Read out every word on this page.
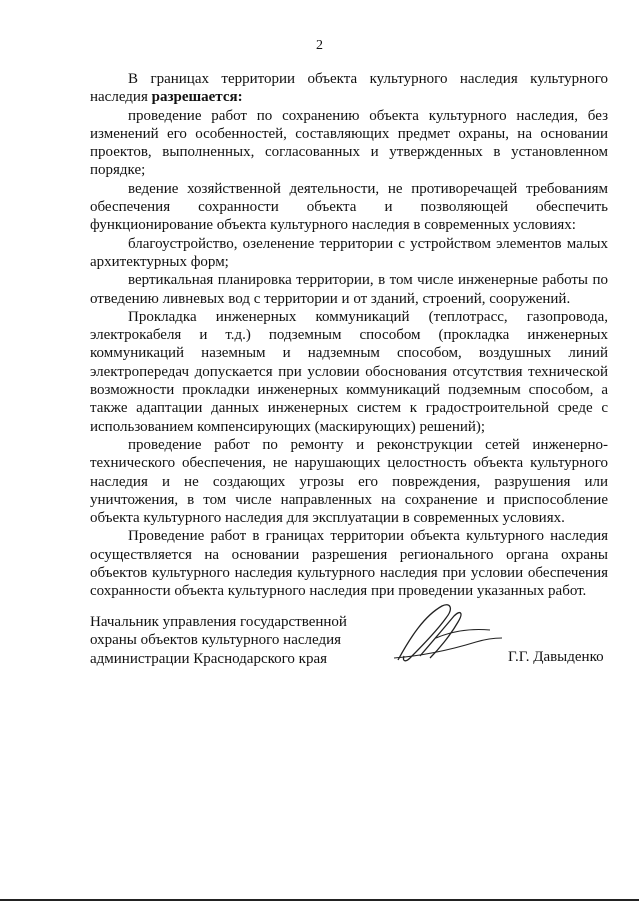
2

В границах территории объекта культурного наследия культурного наследия разрешается:

проведение работ по сохранению объекта культурного наследия, без изменений его особенностей, составляющих предмет охраны, на основании проектов, выполненных, согласованных и утвержденных в установленном порядке;

ведение хозяйственной деятельности, не противоречащей требованиям обеспечения сохранности объекта и позволяющей обеспечить функционирование объекта культурного наследия в современных условиях:

благоустройство, озеленение территории с устройством элементов малых архитектурных форм;

вертикальная планировка территории, в том числе инженерные работы по отведению ливневых вод с территории и от зданий, строений, сооружений.

Прокладка инженерных коммуникаций (теплотрасс, газопровода, электрокабеля и т.д.) подземным способом (прокладка инженерных коммуникаций наземным и надземным способом, воздушных линий электропередач допускается при условии обоснования отсутствия технической возможности прокладки инженерных коммуникаций подземным способом, а также адаптации данных инженерных систем к градостроительной среде с использованием компенсирующих (маскирующих) решений);

проведение работ по ремонту и реконструкции сетей инженерно-технического обеспечения, не нарушающих целостность объекта культурного наследия и не создающих угрозы его повреждения, разрушения или уничтожения, в том числе направленных на сохранение и приспособление объекта культурного наследия для эксплуатации в современных условиях.

Проведение работ в границах территории объекта культурного наследия осуществляется на основании разрешения регионального органа охраны объектов культурного наследия культурного наследия при условии обеспечения сохранности объекта культурного наследия при проведении указанных работ.

Начальник управления государственной
охраны объектов культурного наследия
администрации Краснодарского края	Г.Г. Давыденко
